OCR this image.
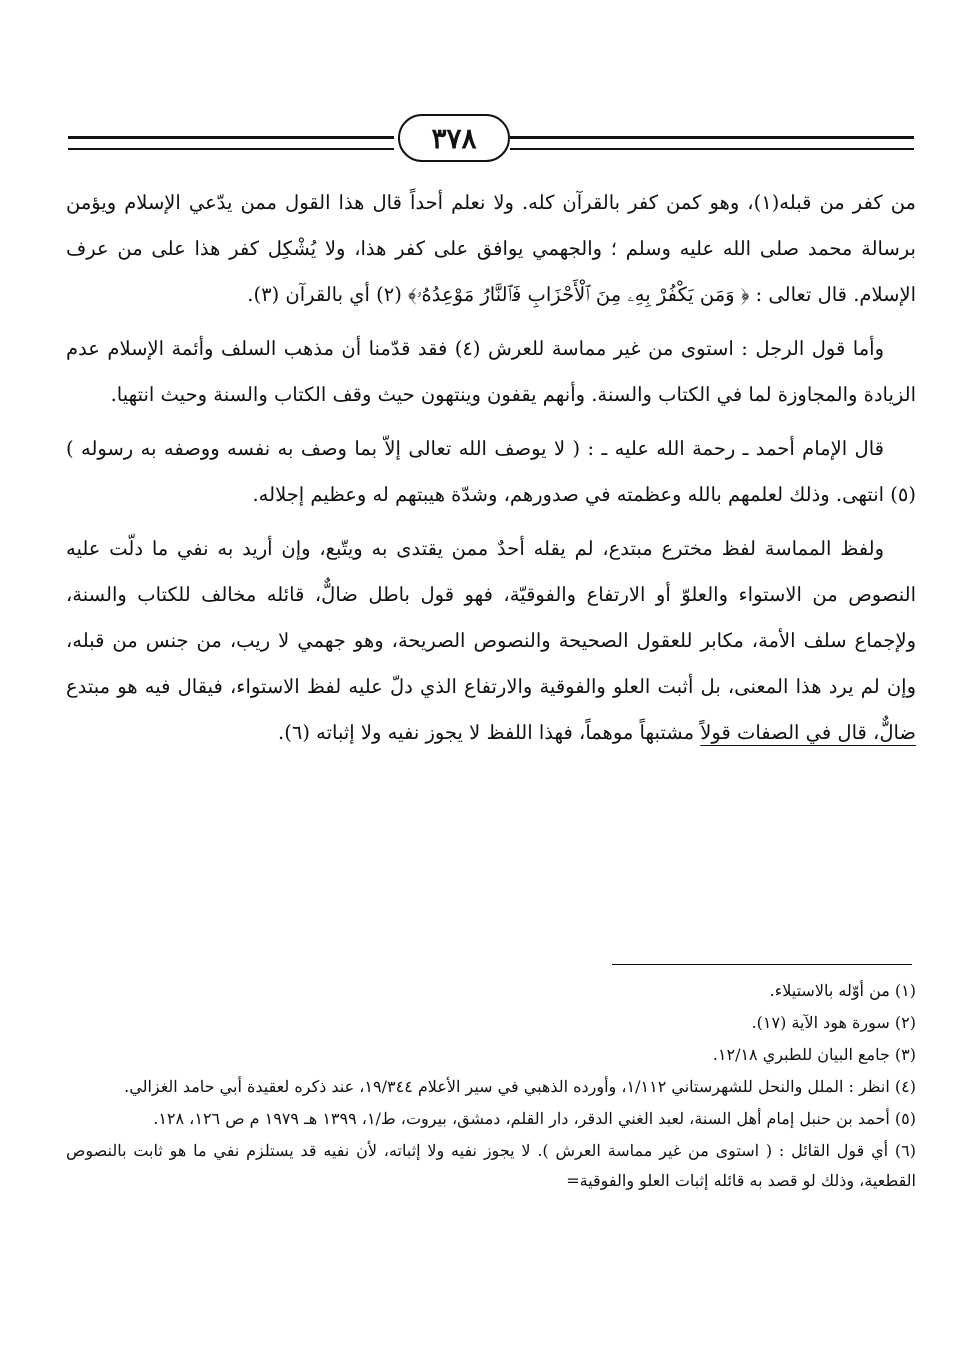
٣٧٨

من كفر من قبله(١)، وهو كمن كفر بالقرآن كله. ولا نعلم أحداً قال هذا القول ممن يدّعي الإسلام ويؤمن برسالة محمد صلى الله عليه وسلم ؛ والجهمي يوافق على كفر هذا، ولا يُشْكِل كفر هذا على من عرف الإسلام. قال تعالى : ﴿ وَمَن يَكْفُرْ بِهِۦ مِنَ ٱلْأَحْزَابِ فَٱلنَّارُ مَوْعِدُهُۥ﴾ (٢) أي بالقرآن (٣).

وأما قول الرجل : استوى من غير مماسة للعرش (٤) فقد قدّمنا أن مذهب السلف وأئمة الإسلام عدم الزيادة والمجاوزة لما في الكتاب والسنة. وأنهم يقفون وينتهون حيث وقف الكتاب والسنة وحيث انتهيا.

قال الإمام أحمد ـ رحمة الله عليه ـ : ( لا يوصف الله تعالى إلاّ بما وصف به نفسه ووصفه به رسوله ) (٥) انتهى. وذلك لعلمهم بالله وعظمته في صدورهم، وشدّة هيبتهم له وعظيم إجلاله.

ولفظ المماسة لفظ مخترع مبتدع، لم يقله أحدٌ ممن يقتدى به ويتّبع، وإن أريد به نفي ما دلّت عليه النصوص من الاستواء والعلوّ أو الارتفاع والفوقيّة، فهو قول باطل ضالٌّ، قائله مخالف للكتاب والسنة، ولإجماع سلف الأمة، مكابر للعقول الصحيحة والنصوص الصريحة، وهو جهمي لا ريب، من جنس من قبله، وإن لم يرد هذا المعنى، بل أثبت العلو والفوقية والارتفاع الذي دلّ عليه لفظ الاستواء، فيقال فيه هو مبتدع ضالٌّ، قال في الصفات قولاً مشتبهاً موهماً، فهذا اللفظ لا يجوز نفيه ولا إثباته (٦).

(١) من أوّله بالاستيلاء.
(٢) سورة هود الآية (١٧).
(٣) جامع البيان للطبري ١٢/١٨.
(٤) انظر : الملل والنحل للشهرستاني ١/١١٢، وأورده الذهبي في سير الأعلام ١٩/٣٤٤، عند ذكره لعقيدة أبي حامد الغزالي.
(٥) أحمد بن حنبل إمام أهل السنة، لعبد الغني الدقر، دار القلم، دمشق، بيروت، ط/١، ١٣٩٩ هـ ١٩٧٩ م ص ١٢٦، ١٢٨.
(٦) أي قول القائل : ( استوى من غير مماسة العرش ). لا يجوز نفيه ولا إثباته، لأن نفيه قد يستلزم نفي ما هو ثابت بالنصوص القطعية، وذلك لو قصد به قائله إثبات العلو والفوقية=
